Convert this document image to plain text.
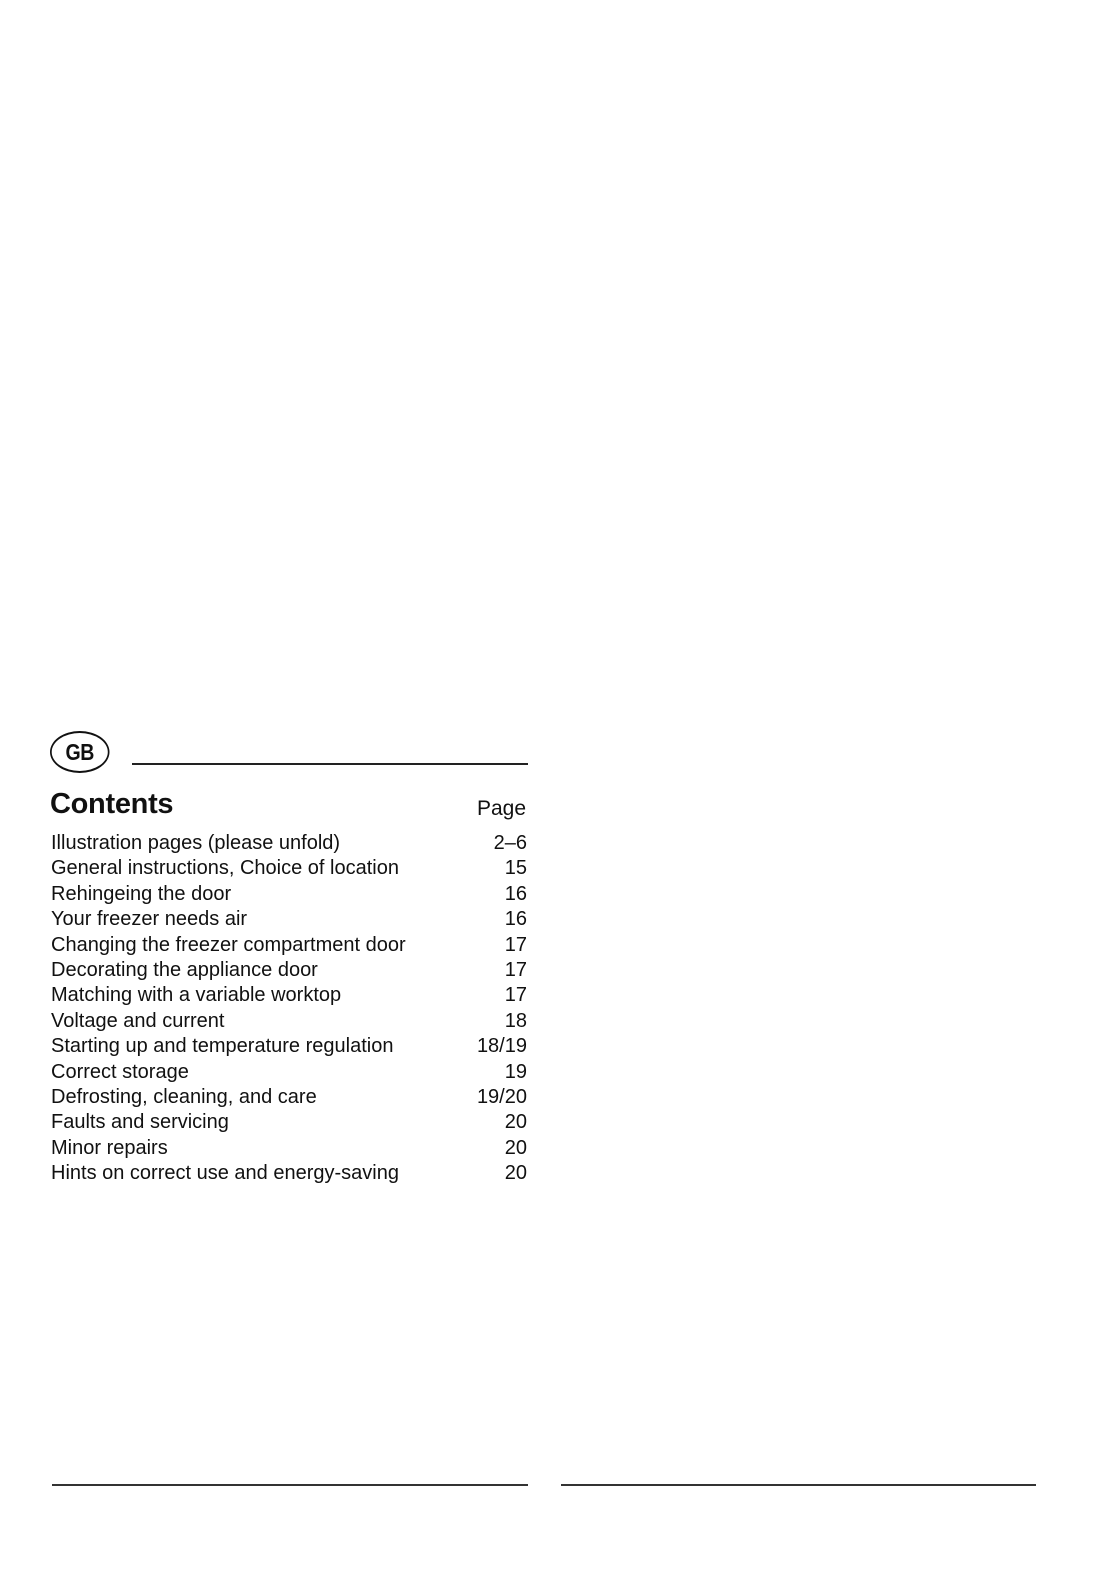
GB
Contents	Page
Illustration pages (please unfold)	2–6
General instructions, Choice of location	15
Rehingeing the door	16
Your freezer needs air	16
Changing the freezer compartment door	17
Decorating the appliance door	17
Matching with a variable worktop	17
Voltage and current	18
Starting up and temperature regulation	18/19
Correct storage	19
Defrosting, cleaning, and care	19/20
Faults and servicing	20
Minor repairs	20
Hints on correct use and energy-saving	20
